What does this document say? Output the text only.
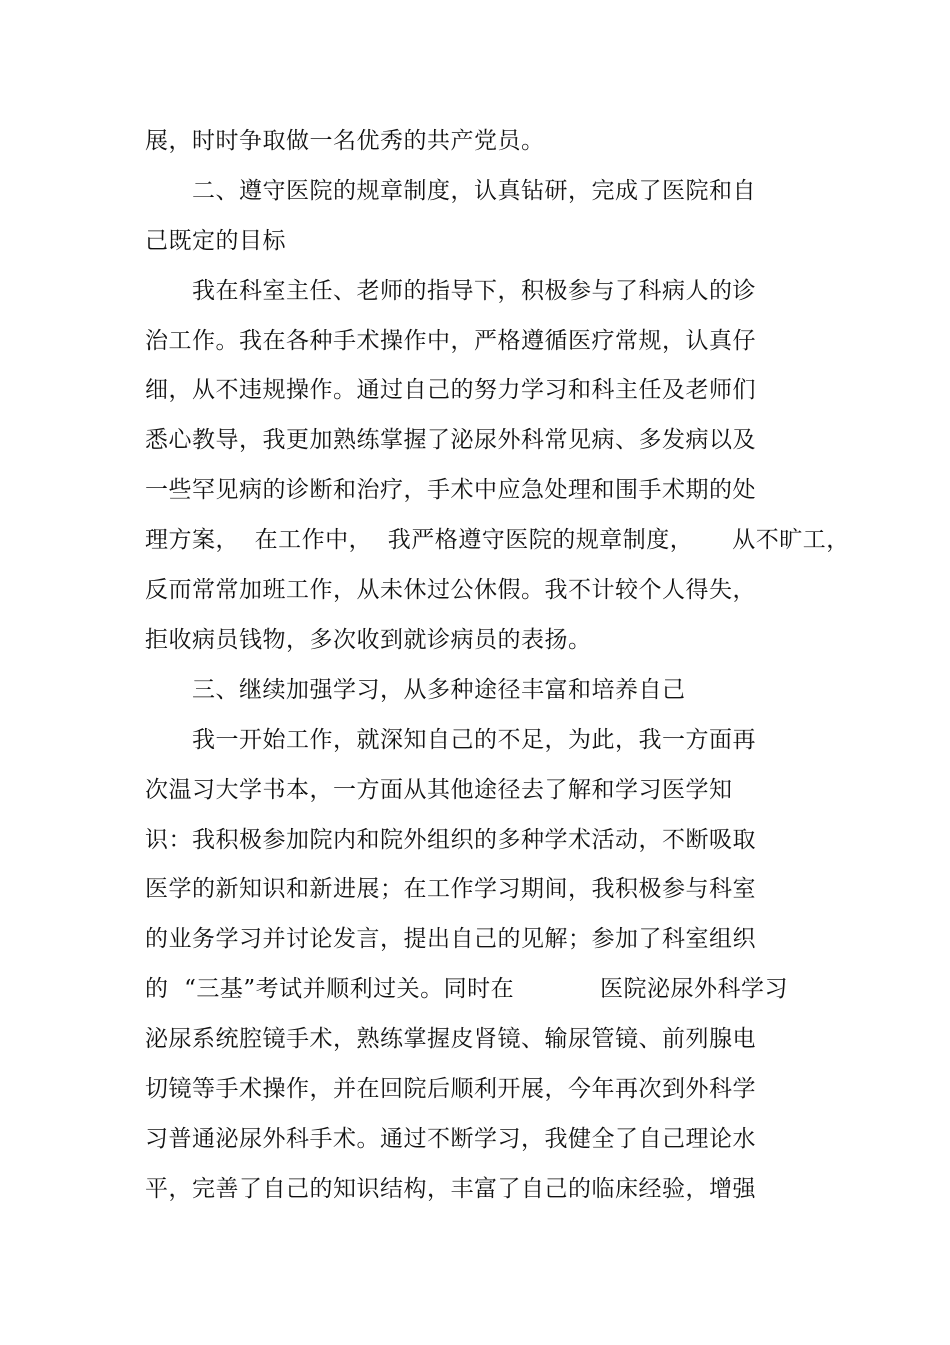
展，时时争取做一名优秀的共产党员。
　　二、遵守医院的规章制度，认真钻研，完成了医院和自
己既定的目标
　　我在科室主任、老师的指导下，积极参与了科病人的诊
治工作。我在各种手术操作中，严格遵循医疗常规，认真仔
细，从不违规操作。通过自己的努力学习和科主任及老师们
悉心教导，我更加熟练掌握了泌尿外科常见病、多发病以及
一些罕见病的诊断和治疗，手术中应急处理和围手术期的处
理方案，  在工作中，  我严格遵守医院的规章制度，     从不旷工，
反而常常加班工作，从未休过公休假。我不计较个人得失，
拒收病员钱物，多次收到就诊病员的表扬。
　　三、继续加强学习，从多种途径丰富和培养自己
　　我一开始工作，就深知自己的不足，为此，我一方面再
次温习大学书本，一方面从其他途径去了解和学习医学知
识：我积极参加院内和院外组织的多种学术活动，不断吸取
医学的新知识和新进展；在工作学习期间，我积极参与科室
的业务学习并讨论发言，提出自己的见解；参加了科室组织
的  “三基”考试并顺利过关。同时在           医院泌尿外科学习
泌尿系统腔镜手术，熟练掌握皮肾镜、输尿管镜、前列腺电
切镜等手术操作，并在回院后顺利开展，今年再次到外科学
习普通泌尿外科手术。通过不断学习，我健全了自己理论水
平，完善了自己的知识结构，丰富了自己的临床经验，增强
